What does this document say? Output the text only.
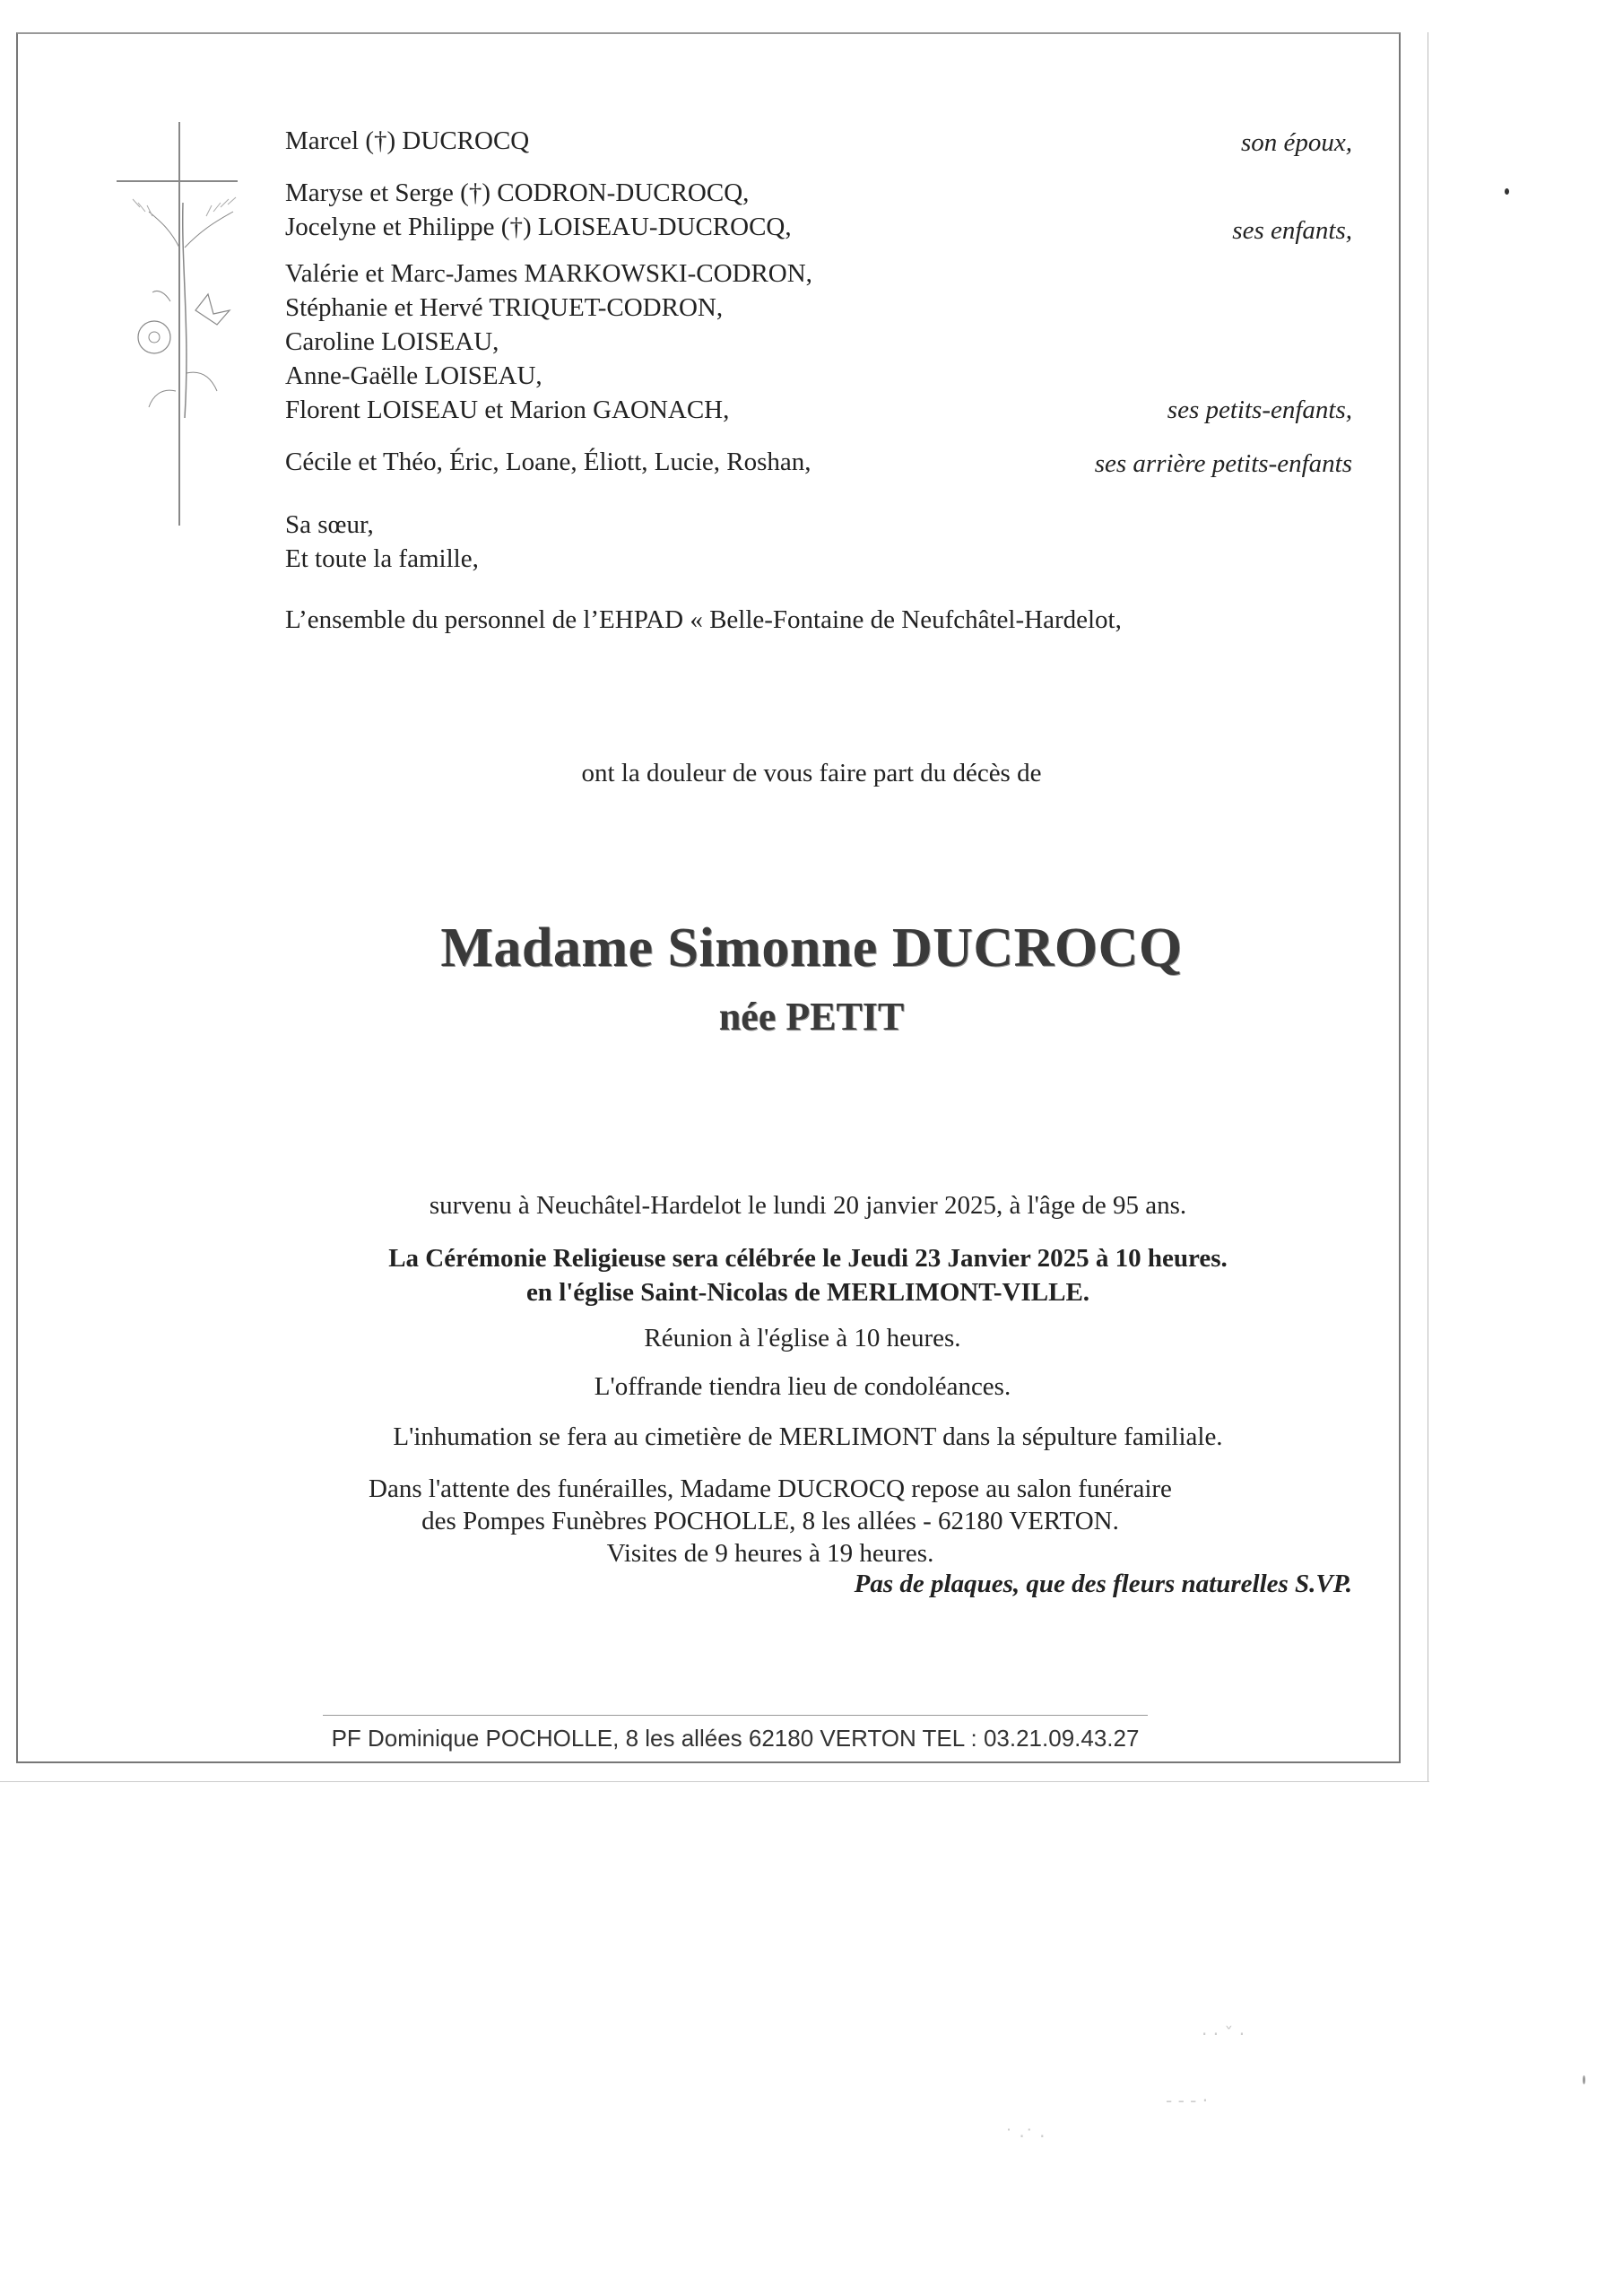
Marcel (†) DUCROCQ	son époux,
Maryse et Serge (†) CODRON-DUCROCQ,
Jocelyne et Philippe (†) LOISEAU-DUCROCQ,	ses enfants,
Valérie et Marc-James MARKOWSKI-CODRON,
Stéphanie et Hervé TRIQUET-CODRON,
Caroline LOISEAU,
Anne-Gaëlle LOISEAU,
Florent LOISEAU et Marion GAONACH,	ses petits-enfants,
Cécile et Théo, Éric, Loane, Éliott, Lucie, Roshan,	ses arrière petits-enfants
Sa sœur,
Et toute la famille,
L’ensemble du personnel de l’EHPAD « Belle-Fontaine de Neufchâtel-Hardelot,
ont la douleur de vous faire part du décès de
Madame Simonne DUCROCQ
née PETIT
survenu à Neuchâtel-Hardelot le lundi 20 janvier 2025, à l'âge de 95 ans.
La Cérémonie Religieuse sera célébrée le Jeudi 23 Janvier 2025 à 10 heures.
en l'église Saint-Nicolas de MERLIMONT-VILLE.
Réunion à l'église à 10 heures.
L'offrande tiendra lieu de condoléances.
L'inhumation se fera au cimetière de MERLIMONT dans la sépulture familiale.
Dans l'attente des funérailles, Madame DUCROCQ repose au salon funéraire
des Pompes Funèbres POCHOLLE, 8 les allées - 62180 VERTON.
Visites de 9 heures à 19 heures.
Pas de plaques, que des fleurs naturelles S.VP.
PF Dominique POCHOLLE, 8 les allées 62180 VERTON TEL : 03.21.09.43.27
· · ˇ ·
˙ ·˙ ·
‐ ‐ ‐ ·
